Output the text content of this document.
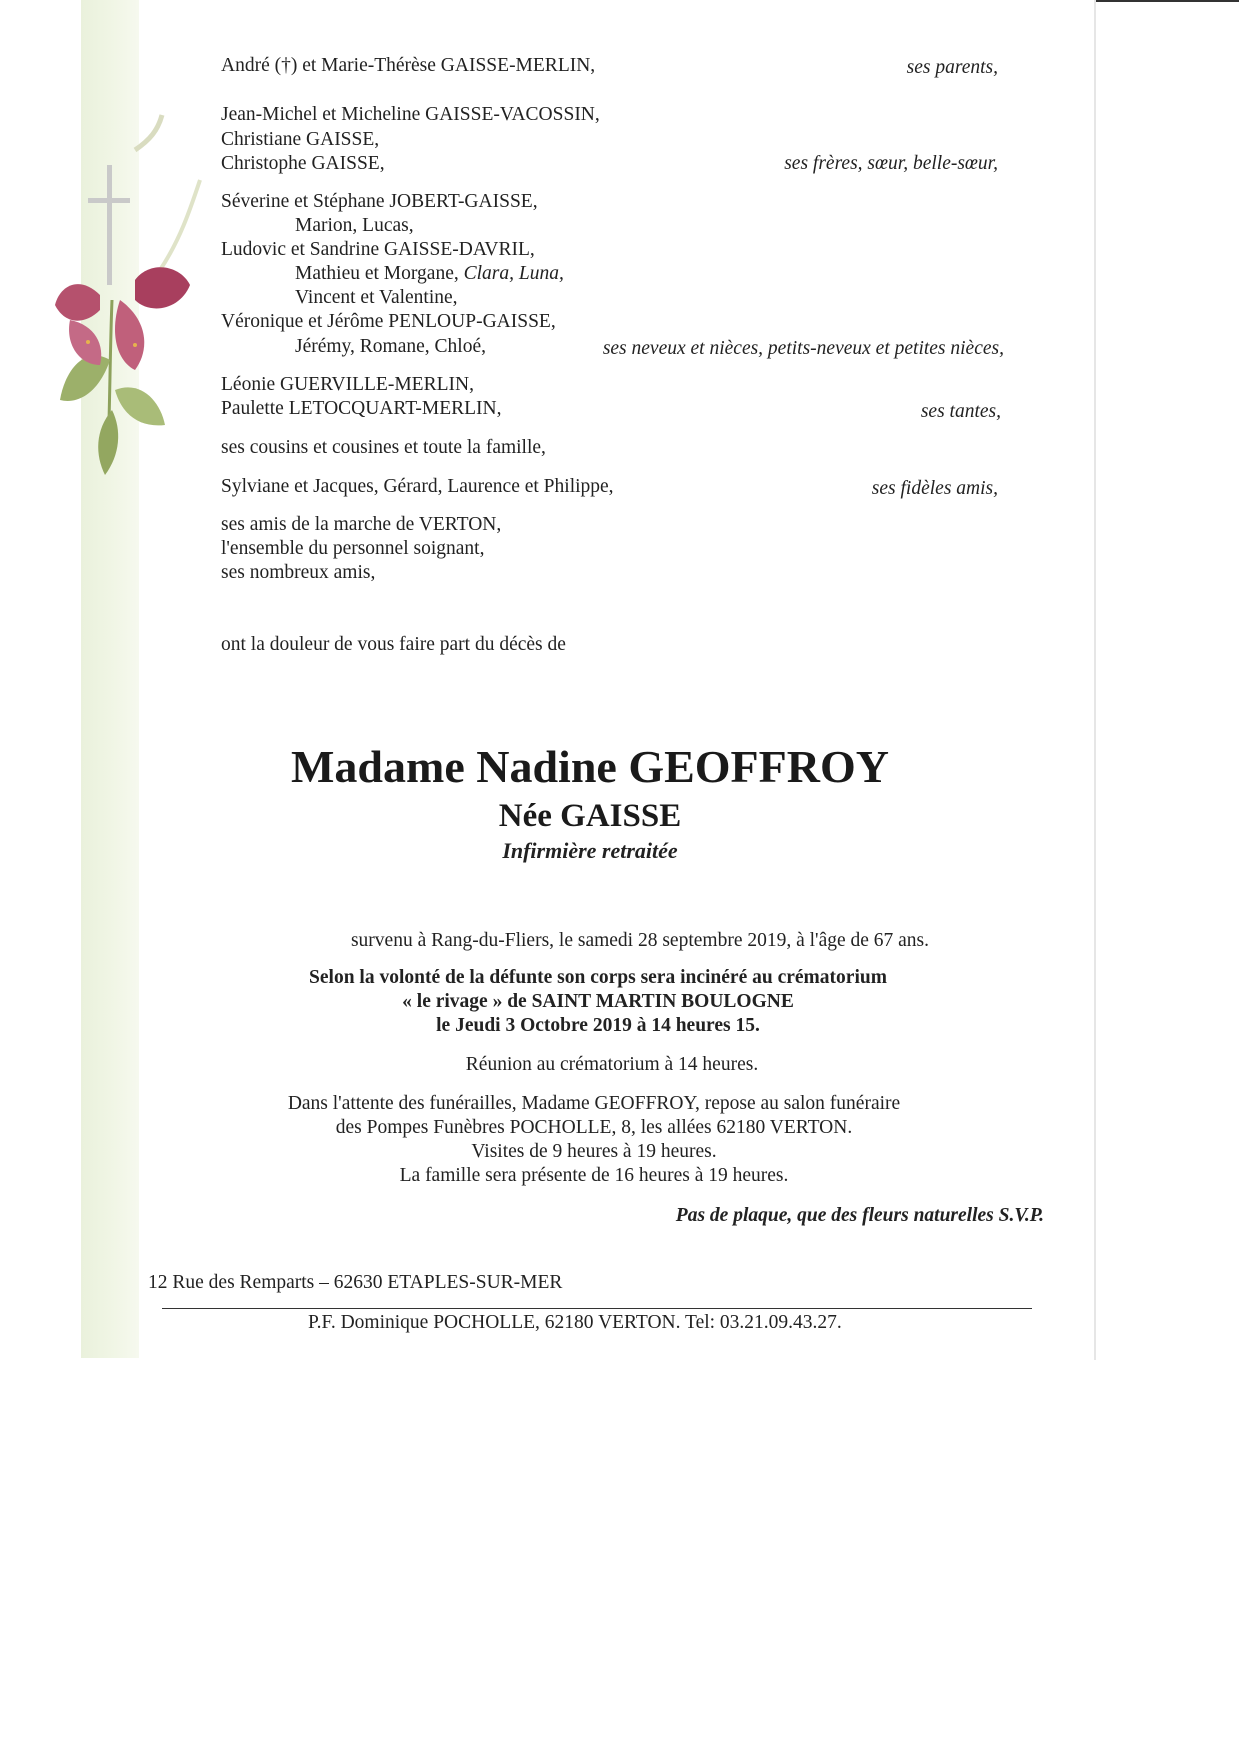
André (†) et Marie-Thérèse GAISSE-MERLIN,	ses parents,
Jean-Michel et Micheline GAISSE-VACOSSIN,
Christiane GAISSE,
Christophe GAISSE,	ses frères, sœur, belle-sœur,
Séverine et Stéphane JOBERT-GAISSE,
Marion, Lucas,
Ludovic et Sandrine GAISSE-DAVRIL,
Mathieu et Morgane, Clara, Luna,
Vincent et Valentine,
Véronique et Jérôme PENLOUP-GAISSE,
Jérémy, Romane, Chloé,	ses neveux et nièces, petits-neveux et petites nièces,
Léonie GUERVILLE-MERLIN,
Paulette LETOCQUART-MERLIN,	ses tantes,
ses cousins et cousines et toute la famille,
Sylviane et Jacques, Gérard, Laurence et Philippe,	ses fidèles amis,
ses amis de la marche de VERTON,
l'ensemble du personnel soignant,
ses nombreux amis,
ont la douleur de vous faire part du décès de
Madame Nadine GEOFFROY
Née GAISSE
Infirmière retraitée
survenu à Rang-du-Fliers, le samedi 28 septembre 2019, à l'âge de 67 ans.
Selon la volonté de la défunte son corps sera incinéré au crématorium
« le rivage » de SAINT MARTIN BOULOGNE
le Jeudi 3 Octobre 2019 à 14 heures 15.
Réunion au crématorium à 14 heures.
Dans l'attente des funérailles, Madame GEOFFROY, repose au salon funéraire
des Pompes Funèbres POCHOLLE, 8, les allées 62180 VERTON.
Visites de 9 heures à 19 heures.
La famille sera présente de 16 heures à 19 heures.
Pas de plaque, que des fleurs naturelles S.V.P.
12 Rue des Remparts – 62630 ETAPLES-SUR-MER
P.F. Dominique POCHOLLE, 62180 VERTON. Tel: 03.21.09.43.27.
